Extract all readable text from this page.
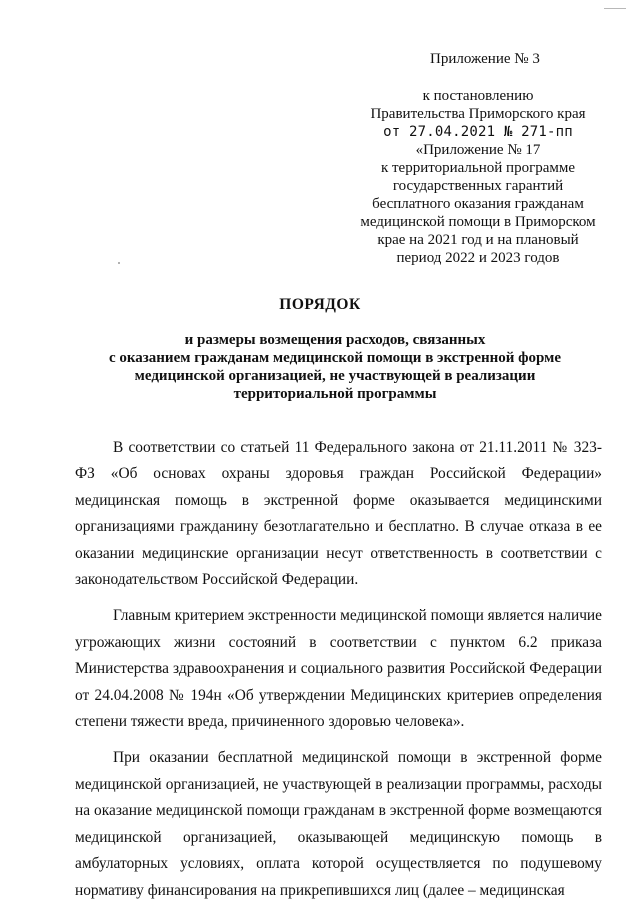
Приложение № 3
к постановлению
Правительства Приморского края
от 27.04.2021 № 271-пп
«Приложение № 17
к территориальной программе
государственных гарантий
бесплатного оказания гражданам
медицинской помощи в Приморском
крае на 2021 год и на плановый
период 2022 и 2023 годов
ПОРЯДОК
и размеры возмещения расходов, связанных
с оказанием гражданам медицинской помощи в экстренной форме
медицинской организацией, не участвующей в реализации
территориальной программы

В соответствии со статьей 11 Федерального закона от 21.11.2011 № 323-ФЗ «Об основах охраны здоровья граждан Российской Федерации» медицинская помощь в экстренной форме оказывается медицинскими организациями гражданину безотлагательно и бесплатно. В случае отказа в ее оказании медицинские организации несут ответственность в соответствии с законодательством Российской Федерации.

Главным критерием экстренности медицинской помощи является наличие угрожающих жизни состояний в соответствии с пунктом 6.2 приказа Министерства здравоохранения и социального развития Российской Федерации от 24.04.2008 № 194н «Об утверждении Медицинских критериев определения степени тяжести вреда, причиненного здоровью человека».

При оказании бесплатной медицинской помощи в экстренной форме медицинской организацией, не участвующей в реализации программы, расходы на оказание медицинской помощи гражданам в экстренной форме возмещаются медицинской организацией, оказывающей медицинскую помощь в амбулаторных условиях, оплата которой осуществляется по подушевому нормативу финансирования на прикрепившихся лиц (далее – медицинская
